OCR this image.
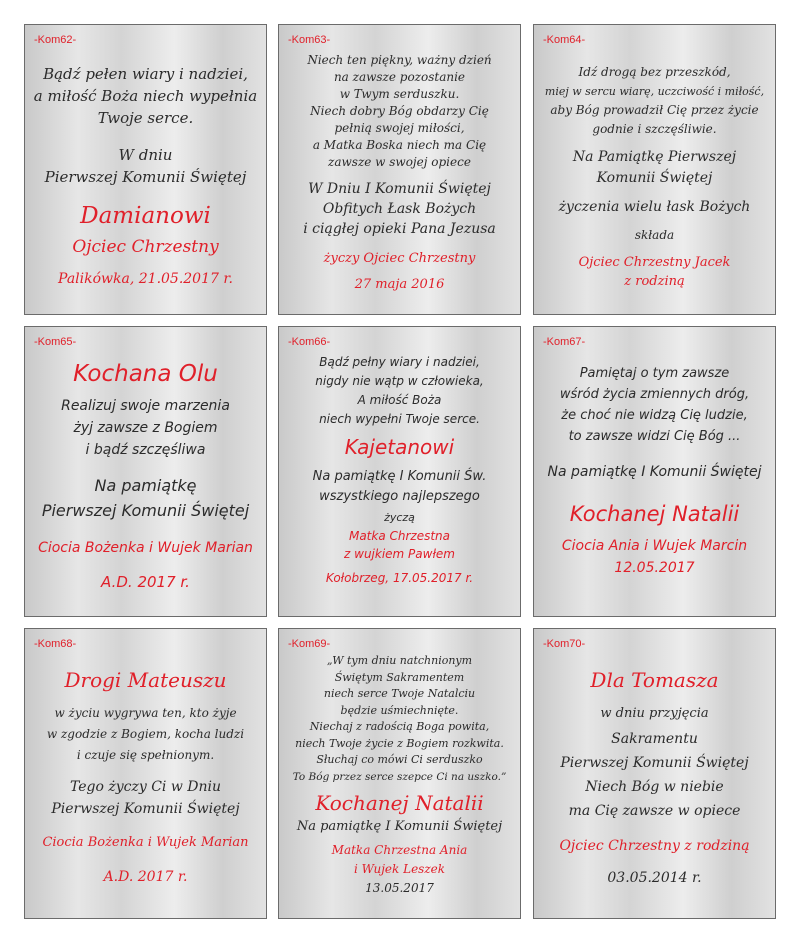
-Kom62-
Bądź pełen wiary i nadziei,
a miłość Boża niech wypełnia
Twoje serce.
W dniu
Pierwszej Komunii Świętej
Damianowi
Ojciec Chrzestny
Palikówka, 21.05.2017 r.
-Kom63-
Niech ten piękny, ważny dzień
na zawsze pozostanie
w Twym serduszku.
Niech dobry Bóg obdarzy Cię
pełnią swojej miłości,
a Matka Boska niech ma Cię
zawsze w swojej opiece
W Dniu I Komunii Świętej
Obfitych Łask Bożych
i ciągłej opieki Pana Jezusa
życzy Ojciec Chrzestny
27 maja 2016
-Kom64-
Idź drogą bez przeszkód,
miej w sercu wiarę, uczciwość i miłość,
aby Bóg prowadził Cię przez życie
godnie i szczęśliwie.
Na Pamiątkę Pierwszej
Komunii Świętej
życzenia wielu łask Bożych
składa
Ojciec Chrzestny Jacek
z rodziną
-Kom65-
Kochana Olu
Realizuj swoje marzenia
żyj zawsze z Bogiem
i bądź szczęśliwa
Na pamiątkę
Pierwszej Komunii Świętej
Ciocia Bożenka i Wujek Marian
A.D. 2017 r.
-Kom66-
Bądź pełny wiary i nadziei,
nigdy nie wątp w człowieka,
A miłość Boża
niech wypełni Twoje serce.
Kajetanowi
Na pamiątkę I Komunii Św.
wszystkiego najlepszego
życzą
Matka Chrzestna
z wujkiem Pawłem
Kołobrzeg, 17.05.2017 r.
-Kom67-
Pamiętaj o tym zawsze
wśród życia zmiennych dróg,
że choć nie widzą Cię ludzie,
to zawsze widzi Cię Bóg ...
Na pamiątkę I Komunii Świętej
Kochanej Natalii
Ciocia Ania i Wujek Marcin
12.05.2017
-Kom68-
Drogi Mateuszu
w życiu wygrywa ten, kto żyje
w zgodzie z Bogiem, kocha ludzi
i czuje się spełnionym.
Tego życzy Ci w Dniu
Pierwszej Komunii Świętej
Ciocia Bożenka i Wujek Marian
A.D. 2017 r.
-Kom69-
„W tym dniu natchnionym
Świętym Sakramentem
niech serce Twoje Natalciu
będzie uśmiechnięte.
Niechaj z radością Boga powita,
niech Twoje życie z Bogiem rozkwita.
Słuchaj co mówi Ci serduszko
To Bóg przez serce szepce Ci na uszko.”
Kochanej Natalii
Na pamiątkę I Komunii Świętej
Matka Chrzestna Ania
i Wujek Leszek
13.05.2017
-Kom70-
Dla Tomasza
w dniu przyjęcia
Sakramentu
Pierwszej Komunii Świętej
Niech Bóg w niebie
ma Cię zawsze w opiece
Ojciec Chrzestny z rodziną
03.05.2014 r.
